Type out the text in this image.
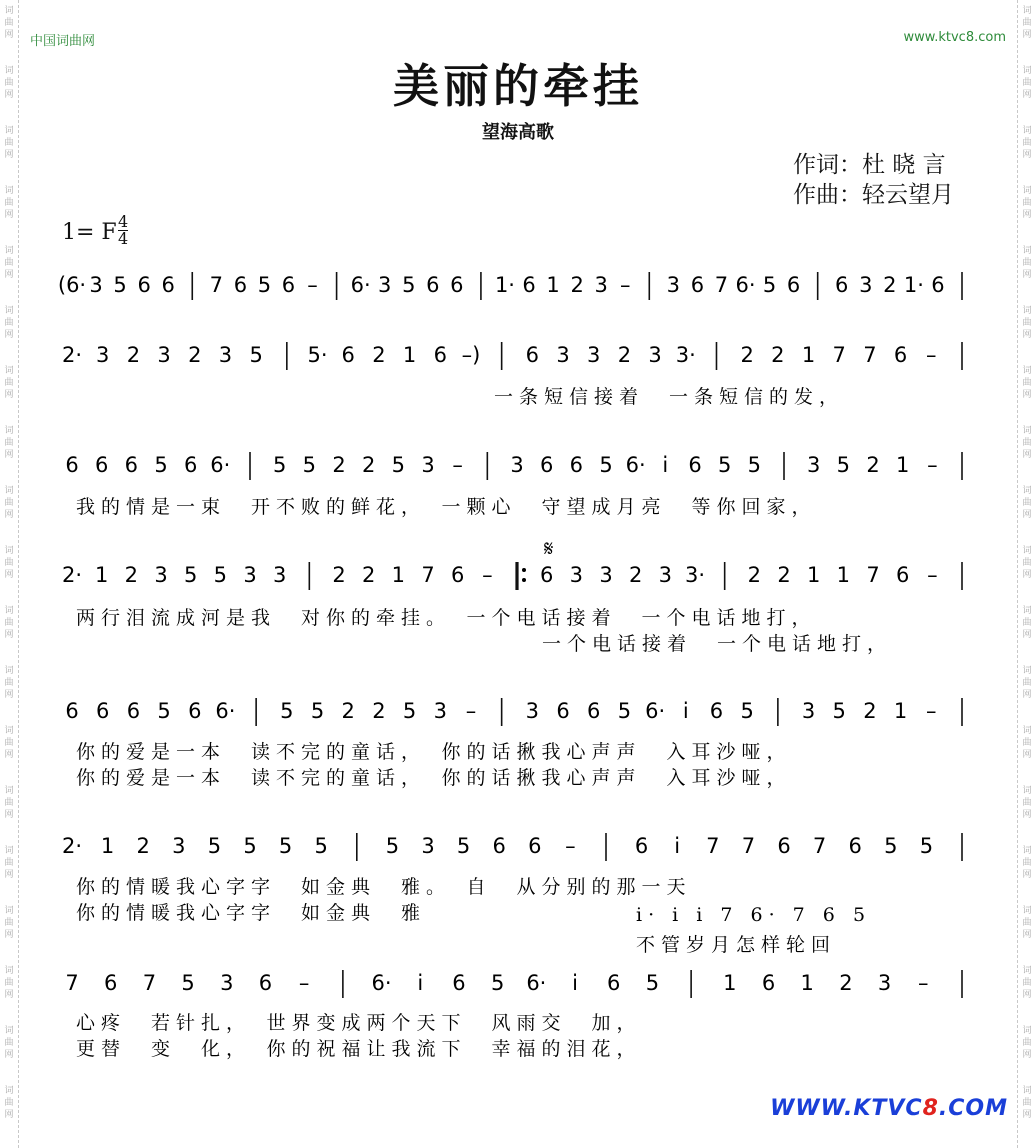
词
曲
网
词
曲
网
词
曲
网
词
曲
网
词
曲
网
词
曲
网
词
曲
网
词
曲
网
词
曲
网
词
曲
网
词
曲
网
词
曲
网
词
曲
网
词
曲
网
词
曲
网
词
曲
网
词
曲
网
词
曲
网
词
曲
网
词
曲
网
词
曲
网
词
曲
网
词
曲
网
词
曲
网
词
曲
网
词
曲
网
词
曲
网
词
曲
网
词
曲
网
词
曲
网
词
曲
网
词
曲
网
词
曲
网
词
曲
网
词
曲
网
词
曲
网
词
曲
网
词
曲
网
中国词曲网	www.ktvc8.com
美丽的牵挂
望海高歌
作词：杜 晓 言
作曲：轻云望月
1= F $\frac{4}{4}$
(6· 3 5 6 6 7 6 5 6 – 6· 3 5 6 6 1· 6 1 2 3 – 3 6 7 6· 5 6 6 3 2 1· 6
2· 3 2 3 2 3 5 5· 6 2 1 6 –) 6 3 3 2 3 3· 2 2 1 7 7 6 –
一条短信接着　一条短信的发，
6 6 6 5 6 6· 5 5 2 2 5 3 – 3 6 6 5 6· i 6 5 5 3 5 2 1 –
我的情是一束　开不败的鲜花，　一颗心　守望成月亮　等你回家，
2· 1 2 3 5 5 3 3 2 2 1 7 6 – 6 3 3 2 3 3· 2 2 1 1 7 6 –
两行泪流成河是我　对你的牵挂。　一个电话接着　一个电话地打，
一个电话接着　一个电话地打，
6 6 6 5 6 6· 5 5 2 2 5 3 – 3 6 6 5 6· i 6 5 3 5 2 1 –
你的爱是一本　读不完的童话，　你的话揪我心声声　入耳沙哑，
你的爱是一本　读不完的童话，　你的话揪我心声声　入耳沙哑，
2· 1 2 3 5 5 5 5	5 3 5 6 6 –	6 i 7 7 6 7 6 5 5
你的情暖我心字字　如金典　雅。　自　从分别的那一天
你的情暖我心字字　如金典　雅	i· i i 7 6· 7 6 5
不管岁月怎样轮回
7 6 7 5 3 6 –	6· i 6 5 6· i 6 5	1 6 1 2 3 –
心疼　若针扎，　世界变成两个天下　风雨交　加，
更替　变　化，　你的祝福让我流下　幸福的泪花，
𝄋
WWW.KTVC8.COM
